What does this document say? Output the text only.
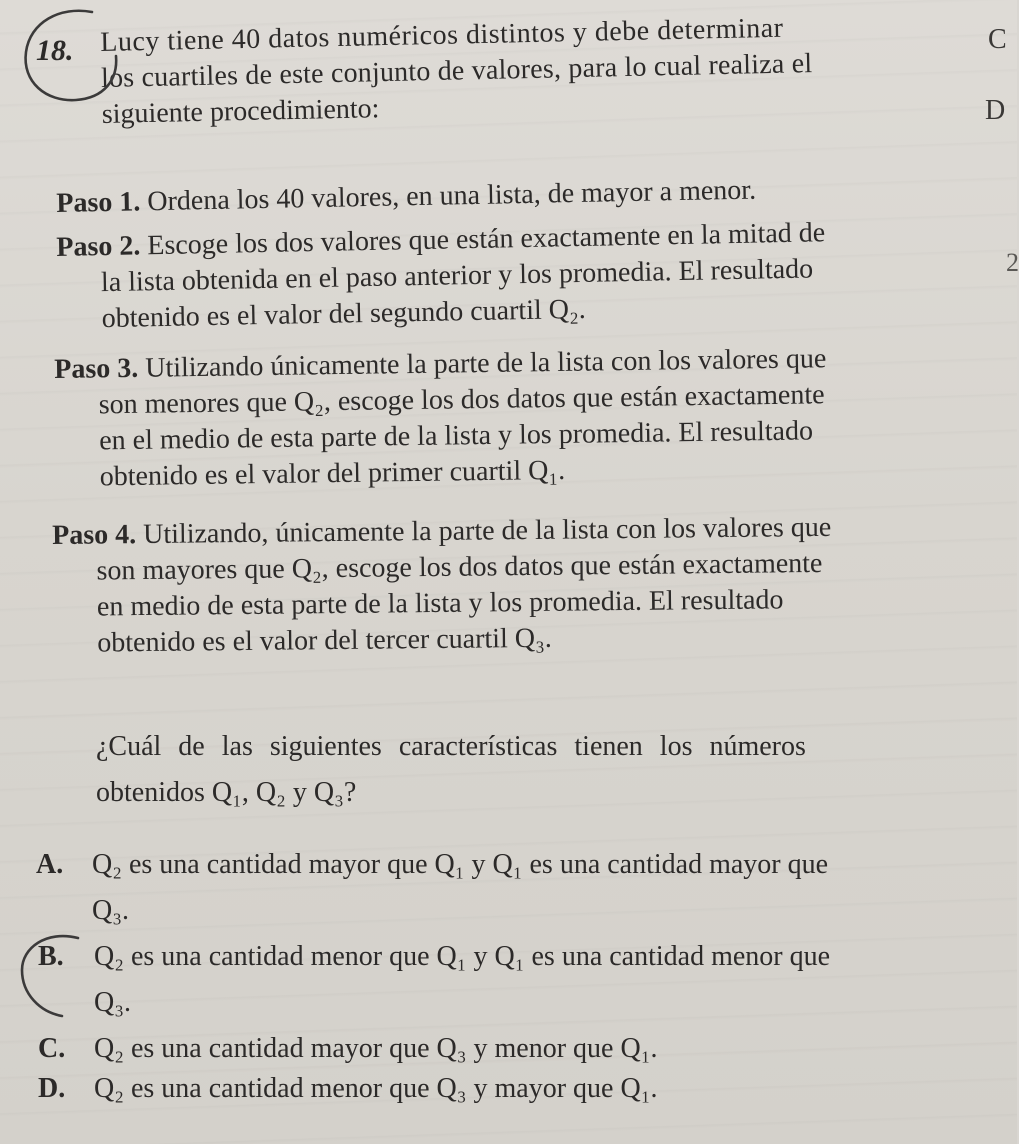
18.	C
D
2
Lucy tiene 40 datos numéricos distintos y debe determinar
los cuartiles de este conjunto de valores, para lo cual realiza el
siguiente procedimiento:
Paso 1. Ordena los 40 valores, en una lista, de mayor a menor.
Paso 2. Escoge los dos valores que están exactamente en la mitad de
la lista obtenida en el paso anterior y los promedia. El resultado
obtenido es el valor del segundo cuartil Q₂.
Paso 3. Utilizando únicamente la parte de la lista con los valores que
son menores que Q₂, escoge los dos datos que están exactamente
en el medio de esta parte de la lista y los promedia. El resultado
obtenido es el valor del primer cuartil Q₁.
Paso 4. Utilizando, únicamente la parte de la lista con los valores que
son mayores que Q₂, escoge los dos datos que están exactamente
en medio de esta parte de la lista y los promedia. El resultado
obtenido es el valor del tercer cuartil Q₃.
¿Cuál de las siguientes características tienen los números
obtenidos Q₁, Q₂ y Q₃?
A. Q₂ es una cantidad mayor que Q₁ y Q₁ es una cantidad mayor que
Q₃.
B. Q₂ es una cantidad menor que Q₁ y Q₁ es una cantidad menor que
Q₃.
C. Q₂ es una cantidad mayor que Q₃ y menor que Q₁.
D. Q₂ es una cantidad menor que Q₃ y mayor que Q₁.
